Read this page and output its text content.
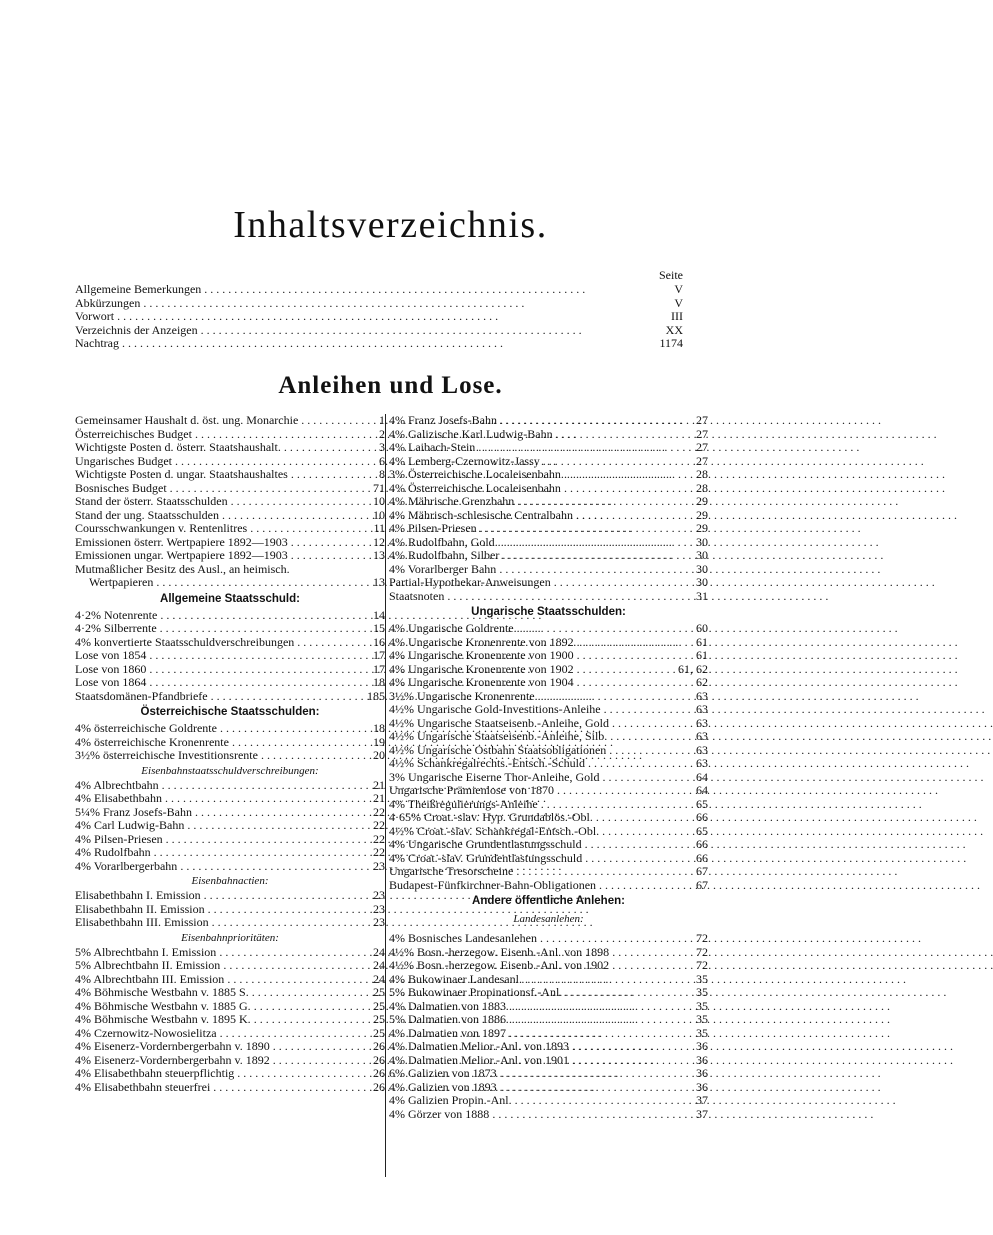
Inhaltsverzeichnis.
Seite
Allgemeine Bemerkungen . . .	V
Abkürzungen . . .	V
Vorwort . . .	III
Verzeichnis der Anzeigen . . .	XX
Nachtrag . . .	1174
Anleihen und Lose.
Gemeinsamer Haushalt d. öst. ung. Monarchie . . .	1
Österreichisches Budget . . .	2
Wichtigste Posten d. österr. Staatshaushalt. . . .	3
Ungarisches Budget . . .	6
Wichtigste Posten d. ungar. Staatshaushaltes . . .	8
Bosnisches Budget . . .	71
Stand der österr. Staatsschulden . . .	10
Stand der ung. Staatsschulden . . .	10
Coursschwankungen v. Rentenlitres . . .	11
Emissionen österr. Wertpapiere 1892—1903 . . .	12
Emissionen ungar. Wertpapiere 1892—1903 . . .	13
Mutmaßlicher Besitz des Ausl., an heimisch.
Wertpapieren . . .	13
Allgemeine Staatsschuld:
4·2% Notenrente . . .	14
4·2% Silberrente . . .	15
4% konvertierte Staatsschuldverschreibungen . . .	16
Lose von 1854 . . .	17
Lose von 1860 . . .	17
Lose von 1864 . . .	18
Staatsdomänen-Pfandbriefe . . .	185
Österreichische Staatsschulden:
4% österreichische Goldrente . . .	18
4% österreichische Kronenrente . . .	19
3½% österreichische Investitionsrente . . .	20
Eisenbahnstaatsschuldverschreibungen:
4% Albrechtbahn . . .	21
4% Elisabethbahn . . .	21
5¼% Franz Josefs-Bahn . . .	22
4% Carl Ludwig-Bahn . . .	22
4% Pilsen-Priesen . . .	22
4% Rudolfbahn . . .	22
4% Vorarlbergerbahn . . .	23
Eisenbahnactien:
Elisabethbahn I. Emission . . .	23
Elisabethbahn II. Emission . . .	23
Elisabethbahn III. Emission . . .	23
Eisenbahnprioritäten:
5% Albrechtbahn I. Emission . . .	24
5% Albrechtbahn II. Emission . . .	24
4% Albrechtbahn III. Emission . . .	24
4% Böhmische Westbahn v. 1885 S. . . .	25
4% Böhmische Westbahn v. 1885 G. . . .	25
4% Böhmische Westbahn v. 1895 K. . . .	25
4% Czernowitz-Nowosielitza . . .	25
4% Eisenerz-Vordernbergerbahn v. 1890 . . .	26
4% Eisenerz-Vordernbergerbahn v. 1892 . . .	26
4% Elisabethbahn steuerpflichtig . . .	26
4% Elisabethbahn steuerfrei . . .	26
4% Franz Josefs-Bahn . . .	27
4% Galizische Karl Ludwig-Bahn . . .	27
4% Laibach-Stein . . .	27
4% Lemberg-Czernowitz-Jassy . . .	27
3% Österreichische Localeisenbahn . . .	28
4% Österreichische Localeisenbahn . . .	28
4% Mährische Grenzbahn . . .	29
4% Mährisch-schlesische Centralbahn . . .	29
4% Pilsen-Priesen . . .	29
4% Rudolfbahn, Gold . . .	30
4% Rudolfbahn, Silber . . .	30
4% Vorarlberger Bahn . . .	30
Partial-Hypothekar-Anweisungen . . .	30
Staatsnoten . . .	31
Ungarische Staatsschulden:
4% Ungarische Goldrente . . .	60
4% Ungarische Kronenrente von 1892 . . .	61
4% Ungarische Kronenrente von 1900 . . .	61
4% Ungarische Kronenrente von 1902 . . .	61, 62
4% Ungarische Kronenrente von 1904 . . .	62
3½% Ungarische Kronenrente . . .	63
4½% Ungarische Gold-Investitions-Anleihe . . .	63
4½% Ungarische Staatseisenb.-Anleihe, Gold . . .	63
4½% Ungarische Staatseisenb.-Anleihe, Silb. . . .	63
4½% Ungarische Ostbahn Staatsobligationen . . .	63
4½% Schankregalrechts.-Entsch.-Schuld . . .	63
3% Ungarische Eiserne Thor-Anleihe, Gold . . .	64
Ungarische Prämienlose von 1870 . . .	64
4% Theißregulierungs-Anleihe . . .	65
4·65% Croat.-slav. Hyp. Grundablös.-Obl. . . .	66
4½% Croat.-slav. Schankregal-Entsch.-Obl. . . .	65
4% Ungarische Grundentlastungsschuld . . .	66
4% Croat.-slav. Grundentlastungsschuld . . .	66
Ungarische Tresorscheine . . .	67
Budapest-Fünfkirchner-Bahn-Obligationen . . .	67
Andere öffentliche Anlehen:
Landesanlehen:
4% Bosnisches Landesanlehen . . .	72
4½% Bosn.-herzegow. Eisenb.-Anl. von 1898 . . .	72
4½% Bosn.-herzegow. Eisenb.-Anl. von 1902 . . .	72
4% Bukowinaer Landesanl. . . .	35
5% Bukowinaer Propinationsf.-Anl. . . .	35
4% Dalmatien von 1883 . . .	35
5% Dalmatien von 1886 . . .	35
4% Dalmatien von 1897 . . .	35
4% Dalmatien Melior.-Anl. von 1893 . . .	36
4% Dalmatien Melior.-Anl. von 1901 . . .	36
6% Galizien von 1873 . . .	36
4% Galizien von 1893 . . .	36
4% Galizien Propin.-Anl. . . .	37
4% Görzer von 1888 . . .	37
